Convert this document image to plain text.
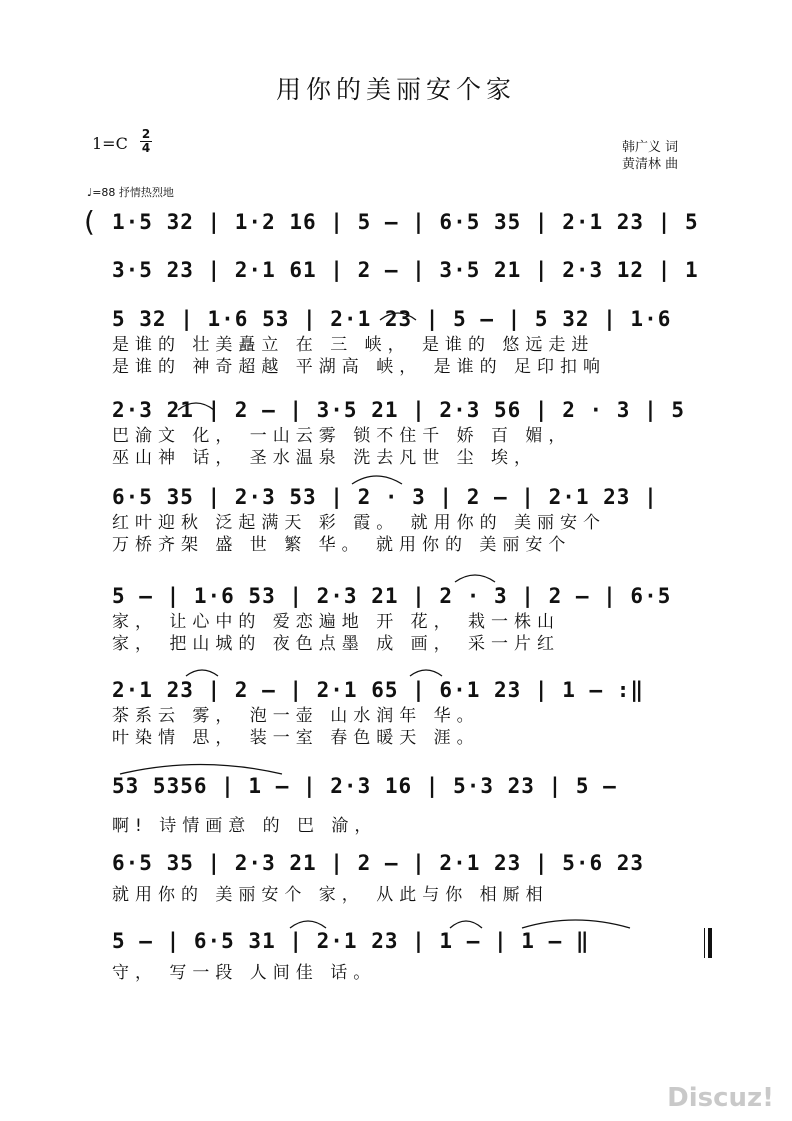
用你的美丽安个家
1=C 2
4	韩广义 词
黄清林 曲
♩=88 抒情热烈地
( 1·5 32 | 1·2 16 | 5 – | 6·5 35 | 2·1 23 | 5
3·5 23 | 2·1 61 | 2 – | 3·5 21 | 2·3 12 | 1
5 32 | 1·6 53 | 2·1 23 | 5 – | 5 32 | 1·6
是谁的 壮美矗立 在 三 峡， 是谁的 悠远走进
是谁的 神奇超越 平湖高 峡， 是谁的 足印扣响
2·3 21 | 2 – | 3·5 21 | 2·3 56 | 2 · 3 | 5
巴渝文 化， 一山云雾 锁不住千 娇 百 媚，
巫山神 话， 圣水温泉 洗去凡世 尘 埃，
6·5 35 | 2·3 53 | 2 · 3 | 2 – | 2·1 23 |
红叶迎秋 泛起满天 彩 霞。 就用你的 美丽安个
万桥齐架 盛 世 繁 华。 就用你的 美丽安个
5 – | 1·6 53 | 2·3 21 | 2 · 3 | 2 – | 6·5
家， 让心中的 爱恋遍地 开 花， 栽一株山
家， 把山城的 夜色点墨 成 画， 采一片红
2·1 23 | 2 – | 2·1 65 | 6·1 23 | 1 – :‖
茶系云 雾， 泡一壶 山水润年 华。
叶染情 思， 装一室 春色暖天 涯。
53 5356 | 1 – | 2·3 16 | 5·3 23 | 5 –
啊! 诗情画意 的 巴 渝，
6·5 35 | 2·3 21 | 2 – | 2·1 23 | 5·6 23
就用你的 美丽安个 家， 从此与你 相厮相
5 – | 6·5 31 | 2·1 23 | 1 – | 1 – ‖
守， 写一段 人间佳 话。
Discuz!
